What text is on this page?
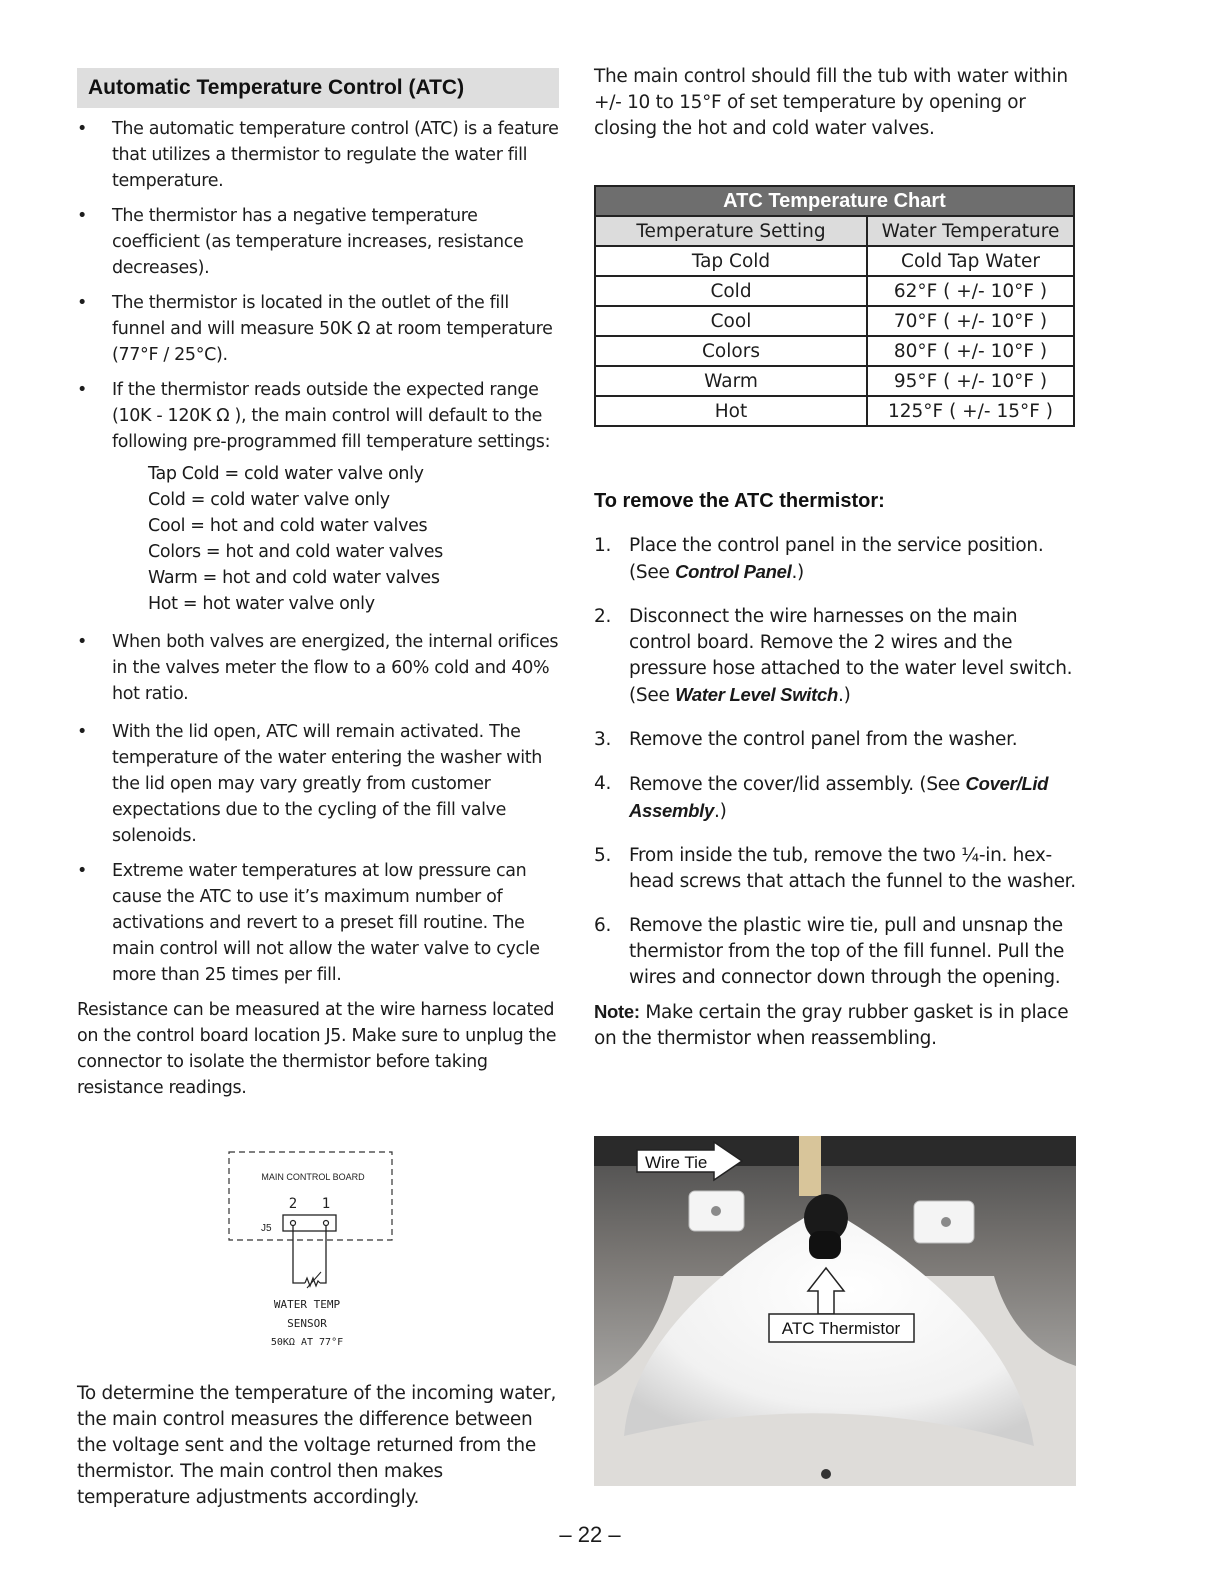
Automatic Temperature Control (ATC)
• The automatic temperature control (ATC) is a feature that utilizes a thermistor to regulate the water fill temperature.
• The thermistor has a negative temperature coefficient (as temperature increases, resistance decreases).
• The thermistor is located in the outlet of the fill funnel and will measure 50K Ω at room temperature (77°F / 25°C).
• If the thermistor reads outside the expected range (10K - 120K Ω ), the main control will default to the following pre-programmed fill temperature settings:
Tap Cold = cold water valve only
Cold = cold water valve only
Cool = hot and cold water valves
Colors = hot and cold water valves
Warm = hot and cold water valves
Hot = hot water valve only
• When both valves are energized, the internal orifices in the valves meter the flow to a 60% cold and 40% hot ratio.
• With the lid open, ATC will remain activated. The temperature of the water entering the washer with the lid open may vary greatly from customer expectations due to the cycling of the fill valve solenoids.
• Extreme water temperatures at low pressure can cause the ATC to use it’s maximum number of activations and revert to a preset fill routine. The main control will not allow the water valve to cycle more than 25 times per fill.

Resistance can be measured at the wire harness located on the control board location J5. Make sure to unplug the connector to isolate the thermistor before taking resistance readings.

MAIN CONTROL BOARD
2 1
J5
WATER TEMP
SENSOR
50KΩ AT 77°F

To determine the temperature of the incoming water, the main control measures the difference between the voltage sent and the voltage returned from the thermistor. The main control then makes temperature adjustments accordingly.

The main control should fill the tub with water within +/- 10 to 15°F of set temperature by opening or closing the hot and cold water valves.

ATC Temperature Chart	
Temperature Setting	Water Temperature
Tap Cold	Cold Tap Water
Cold	62°F ( +/- 10°F )
Cool	70°F ( +/- 10°F )
Colors	80°F ( +/- 10°F )
Warm	95°F ( +/- 10°F )
Hot	125°F ( +/- 15°F )

To remove the ATC thermistor:

1. Place the control panel in the service position. (See Control Panel.)
2. Disconnect the wire harnesses on the main control board. Remove the 2 wires and the pressure hose attached to the water level switch. (See Water Level Switch.)
3. Remove the control panel from the washer.
4. Remove the cover/lid assembly. (See Cover/Lid Assembly.)
5. From inside the tub, remove the two ¼-in. hex-head screws that attach the funnel to the washer.
6. Remove the plastic wire tie, pull and unsnap the thermistor from the top of the fill funnel. Pull the wires and connector down through the opening.

Note: Make certain the gray rubber gasket is in place on the thermistor when reassembling.

Wire Tie
ATC Thermistor
– 22 –
